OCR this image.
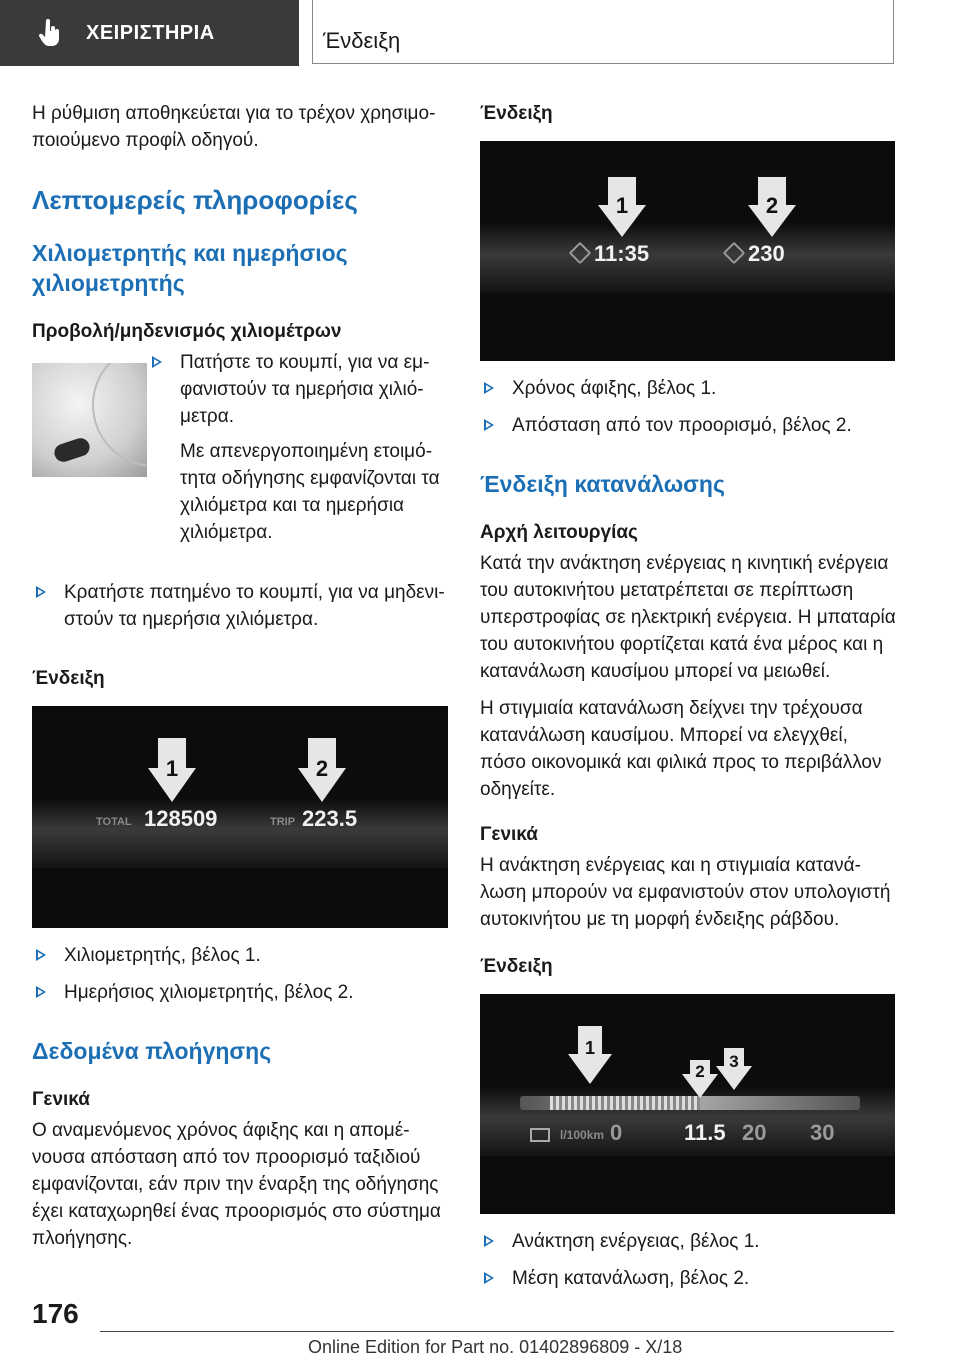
ΧΕΙΡΙΣΤΗΡΙΑ	Ένδειξη

Η ρύθμιση αποθηκεύεται για το τρέχον χρησιμοποιούμενο προφίλ οδηγού.

Λεπτομερείς πληροφορίες
Χιλιομετρητής και ημερήσιος χιλιομετρητής
Προβολή/μηδενισμός χιλιομέτρων
Πατήστε το κουμπί, για να εμφανιστούν τα ημερήσια χιλιόμετρα.
Με απενεργοποιημένη ετοιμότητα οδήγησης εμφανίζονται τα χιλιόμετρα και τα ημερήσια χιλιόμετρα.
Κρατήστε πατημένο το κουμπί, για να μηδενιστούν τα ημερήσια χιλιόμετρα.
Ένδειξη
1	2
TOTAL 128509	TRIP 223.5
Χιλιομετρητής, βέλος 1.
Ημερήσιος χιλιομετρητής, βέλος 2.
Δεδομένα πλοήγησης
Γενικά

Ο αναμενόμενος χρόνος άφιξης και η απομένουσα απόσταση από τον προορισμό ταξιδιού εμφανίζονται, εάν πριν την έναρξη της οδήγησης έχει καταχωρηθεί ένας προορισμός στο σύστημα πλοήγησης.

Ένδειξη
1	2
11:35	230
Χρόνος άφιξης, βέλος 1.
Απόσταση από τον προορισμό, βέλος 2.
Ένδειξη κατανάλωσης
Αρχή λειτουργίας

Κατά την ανάκτηση ενέργειας η κινητική ενέργεια του αυτοκινήτου μετατρέπεται σε περίπτωση υπερστροφίας σε ηλεκτρική ενέργεια. Η μπαταρία του αυτοκινήτου φορτίζεται κατά ένα μέρος και η κατανάλωση καυσίμου μπορεί να μειωθεί.

Η στιγμιαία κατανάλωση δείχνει την τρέχουσα κατανάλωση καυσίμου. Μπορεί να ελεγχθεί, πόσο οικονομικά και φιλικά προς το περιβάλλον οδηγείτε.

Γενικά

Η ανάκτηση ενέργειας και η στιγμιαία κατανάλωση μπορούν να εμφανιστούν στον υπολογιστή αυτοκινήτου με τη μορφή ένδειξης ράβδου.

Ένδειξη
1
2
3
l/100km 0	11.5 20 30
Ανάκτηση ενέργειας, βέλος 1.
Μέση κατανάλωση, βέλος 2.
176
Online Edition for Part no. 01402896809 - X/18
